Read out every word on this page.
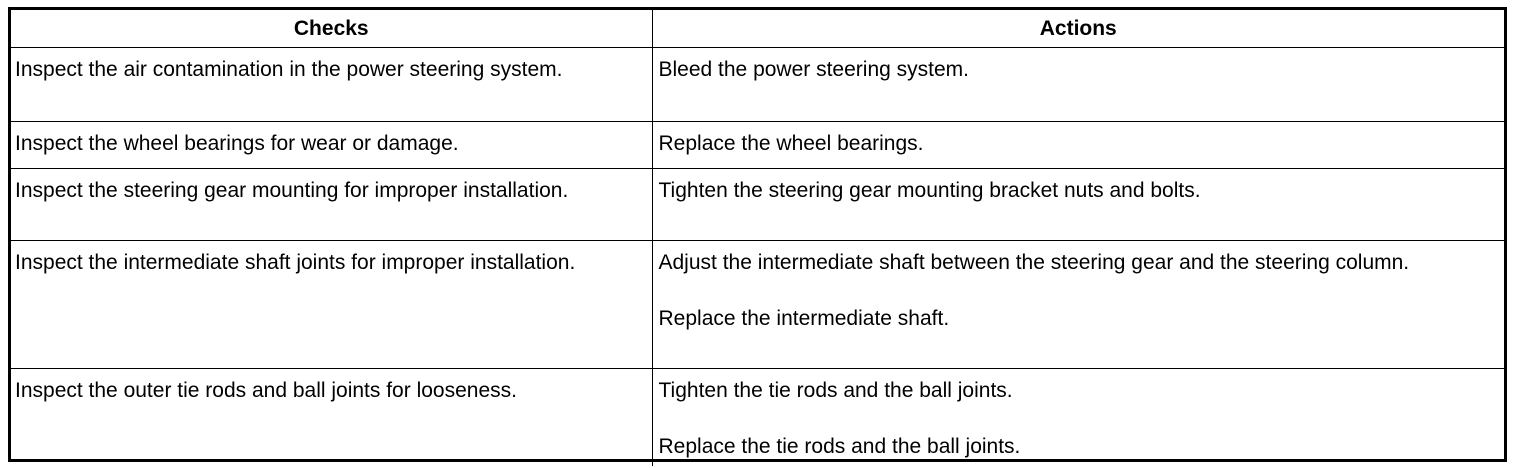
Checks	Actions

Inspect the air contamination in the power steering system.	Bleed the power steering system.

Inspect the wheel bearings for wear or damage.	Replace the wheel bearings.

Inspect the steering gear mounting for improper installation.	Tighten the steering gear mounting bracket nuts and bolts.

Inspect the intermediate shaft joints for improper installation.	Adjust the intermediate shaft between the steering gear and the steering column.

Replace the intermediate shaft.

Inspect the outer tie rods and ball joints for looseness.	Tighten the tie rods and the ball joints.

Replace the tie rods and the ball joints.
